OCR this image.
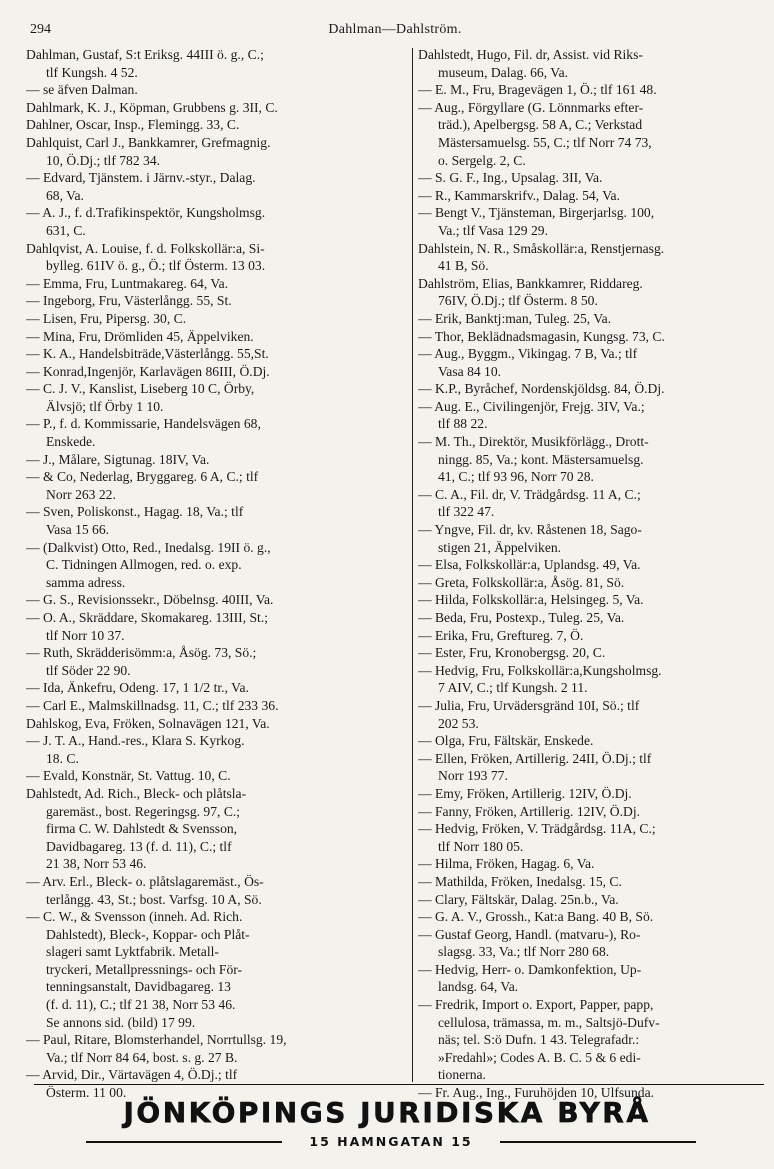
294	Dahlman—Dahlström.
Dahlman, Gustaf, S:t Eriksg. 44III ö. g., C.;
tlf Kungsh. 4 52.
— se äfven Dalman.
Dahlmark, K. J., Köpman, Grubbens g. 3II, C.
Dahlner, Oscar, Insp., Flemingg. 33, C.
Dahlquist, Carl J., Bankkamrer, Grefmagnig.
10, Ö.Dj.; tlf 782 34.
— Edvard, Tjänstem. i Järnv.-styr., Dalag.
68, Va.
— A. J., f. d.Trafikinspektör, Kungsholmsg.
631, C.
Dahlqvist, A. Louise, f. d. Folkskollär:a, Si-
bylleg. 61IV ö. g., Ö.; tlf Österm. 13 03.
— Emma, Fru, Luntmakareg. 64, Va.
— Ingeborg, Fru, Västerlångg. 55, St.
— Lisen, Fru, Pipersg. 30, C.
— Mina, Fru, Drömliden 45, Äppelviken.
— K. A., Handelsbiträde,Västerlångg. 55,St.
— Konrad,Ingenjör, Karlavägen 86III, Ö.Dj.
— C. J. V., Kanslist, Liseberg 10 C, Örby,
Älvsjö; tlf Örby 1 10.
— P., f. d. Kommissarie, Handelsvägen 68,
Enskede.
— J., Målare, Sigtunag. 18IV, Va.
— & Co, Nederlag, Bryggareg. 6 A, C.; tlf
Norr 263 22.
— Sven, Poliskonst., Hagag. 18, Va.; tlf
Vasa 15 66.
— (Dalkvist) Otto, Red., Inedalsg. 19II ö. g.,
C. Tidningen Allmogen, red. o. exp.
samma adress.
— G. S., Revisionssekr., Döbelnsg. 40III, Va.
— O. A., Skräddare, Skomakareg. 13III, St.;
tlf Norr 10 37.
— Ruth, Skrädderisömm:a, Åsög. 73, Sö.;
tlf Söder 22 90.
— Ida, Änkefru, Odeng. 17, 1 1/2 tr., Va.
— Carl E., Malmskillnadsg. 11, C.; tlf 233 36.
Dahlskog, Eva, Fröken, Solnavägen 121, Va.
— J. T. A., Hand.-res., Klara S. Kyrkog.
18. C.
— Evald, Konstnär, St. Vattug. 10, C.
Dahlstedt, Ad. Rich., Bleck- och plåtsla-
garemäst., bost. Regeringsg. 97, C.;
firma C. W. Dahlstedt & Svensson,
Davidbagareg. 13 (f. d. 11), C.; tlf
21 38, Norr 53 46.
— Arv. Erl., Bleck- o. plåtslagaremäst., Ös-
terlångg. 43, St.; bost. Varfsg. 10 A, Sö.
— C. W., & Svensson (inneh. Ad. Rich.
Dahlstedt), Bleck-, Koppar- och Plåt-
slageri samt Lyktfabrik. Metall-
tryckeri, Metallpressnings- och För-
tenningsanstalt, Davidbagareg. 13
(f. d. 11), C.; tlf 21 38, Norr 53 46.
Se annons sid. (bild) 17 99.
— Paul, Ritare, Blomsterhandel, Norrtullsg. 19,
Va.; tlf Norr 84 64, bost. s. g. 27 B.
— Arvid, Dir., Värtavägen 4, Ö.Dj.; tlf
Österm. 11 00.
Dahlstedt, Hugo, Fil. dr, Assist. vid Riks-
museum, Dalag. 66, Va.
— E. M., Fru, Bragevägen 1, Ö.; tlf 161 48.
— Aug., Förgyllare (G. Lönnmarks efter-
träd.), Apelbergsg. 58 A, C.; Verkstad
Mästersamuelsg. 55, C.; tlf Norr 74 73,
o. Sergelg. 2, C.
— S. G. F., Ing., Upsalag. 3II, Va.
— R., Kammarskrifv., Dalag. 54, Va.
— Bengt V., Tjänsteman, Birgerjarlsg. 100,
Va.; tlf Vasa 129 29.
Dahlstein, N. R., Småskollär:a, Renstjernasg.
41 B, Sö.
Dahlström, Elias, Bankkamrer, Riddareg.
76IV, Ö.Dj.; tlf Österm. 8 50.
— Erik, Banktj:man, Tuleg. 25, Va.
— Thor, Beklädnadsmagasin, Kungsg. 73, C.
— Aug., Byggm., Vikingag. 7 B, Va.; tlf
Vasa 84 10.
— K.P., Byråchef, Nordenskjöldsg. 84, Ö.Dj.
— Aug. E., Civilingenjör, Frejg. 3IV, Va.;
tlf 88 22.
— M. Th., Direktör, Musikförlägg., Drott-
ningg. 85, Va.; kont. Mästersamuelsg.
41, C.; tlf 93 96, Norr 70 28.
— C. A., Fil. dr, V. Trädgårdsg. 11 A, C.;
tlf 322 47.
— Yngve, Fil. dr, kv. Råstenen 18, Sago-
stigen 21, Äppelviken.
— Elsa, Folkskollär:a, Uplandsg. 49, Va.
— Greta, Folkskollär:a, Åsög. 81, Sö.
— Hilda, Folkskollär:a, Helsingeg. 5, Va.
— Beda, Fru, Postexp., Tuleg. 25, Va.
— Erika, Fru, Greftureg. 7, Ö.
— Ester, Fru, Kronobergsg. 20, C.
— Hedvig, Fru, Folkskollär:a,Kungsholmsg.
7 AIV, C.; tlf Kungsh. 2 11.
— Julia, Fru, Urvädersgränd 10I, Sö.; tlf
202 53.
— Olga, Fru, Fältskär, Enskede.
— Ellen, Fröken, Artillerig. 24II, Ö.Dj.; tlf
Norr 193 77.
— Emy, Fröken, Artillerig. 12IV, Ö.Dj.
— Fanny, Fröken, Artillerig. 12IV, Ö.Dj.
— Hedvig, Fröken, V. Trädgårdsg. 11A, C.;
tlf Norr 180 05.
— Hilma, Fröken, Hagag. 6, Va.
— Mathilda, Fröken, Inedalsg. 15, C.
— Clary, Fältskär, Dalag. 25n.b., Va.
— G. A. V., Grossh., Kat:a Bang. 40 B, Sö.
— Gustaf Georg, Handl. (matvaru-), Ro-
slagsg. 33, Va.; tlf Norr 280 68.
— Hedvig, Herr- o. Damkonfektion, Up-
landsg. 64, Va.
— Fredrik, Import o. Export, Papper, papp,
cellulosa, trämassa, m. m., Saltsjö-Dufv-
näs; tel. S:ö Dufn. 1 43. Telegrafadr.:
»Fredahl»; Codes A. B. C. 5 & 6 edi-
tionerna.
— Fr. Aug., Ing., Furuhöjden 10, Ulfsunda.
JÖNKÖPINGS JURIDISKA BYRÅ
15 HAMNGATAN 15
